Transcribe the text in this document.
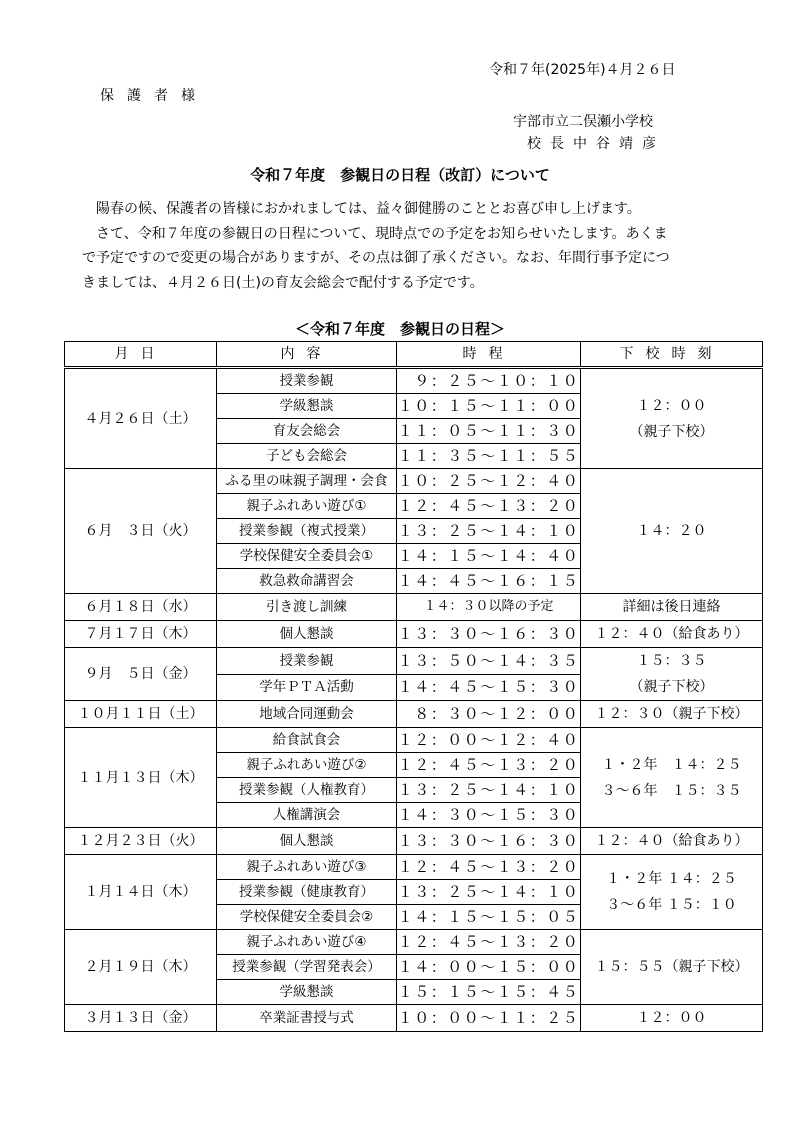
令和７年(2025年)４月２６日
保護者様
宇部市立二俣瀬小学校
校長中谷靖彦
令和７年度　参観日の日程（改訂）について

陽春の候、保護者の皆様におかれましては、益々御健勝のこととお喜び申し上げます。

さて、令和７年度の参観日の日程について、現時点での予定をお知らせいたします。あくま

で予定ですので変更の場合がありますが、その点は御了承ください。なお、年間行事予定につ

きましては、４月２６日(土)の育友会総会で配付する予定です。

＜令和７年度　参観日の日程＞
月日	内容	時程	下校時刻
４月２６日（土）	授業参観	　９：２５～１０：１０	１２：００
（親子下校）

	学級懇談	１０：１５～１１：００	
	育友会総会	１１：０５～１１：３０	
	子ども会総会	１１：３５～１１：５５	
６月　３日（火）	ふる里の味親子調理・会食	１０：２５～１２：４０	１４：２０

	親子ふれあい遊び①	１２：４５～１３：２０	
	授業参観（複式授業）	１３：２５～１４：１０	
	学校保健安全委員会①	１４：１５～１４：４０	
	救急救命講習会	１４：４５～１６：１５	
６月１８日（水）	引き渡し訓練	１４：３０以降の予定	詳細は後日連絡

７月１７日（木）	個人懇談	１３：３０～１６：３０	１２：４０（給食あり）

９月　５日（金）	授業参観	１３：５０～１４：３５	１５：３５
（親子下校）

	学年ＰＴＡ活動	１４：４５～１５：３０	
１０月１１日（土）	地域合同運動会	　８：３０～１２：００	１２：３０（親子下校）

１１月１３日（木）	給食試食会	１２：００～１２：４０	１・２年　１４：２５
３～６年　１５：３５

	親子ふれあい遊び②	１２：４５～１３：２０	
	授業参観（人権教育）	１３：２５～１４：１０	
	人権講演会	１４：３０～１５：３０	
１２月２３日（火）	個人懇談	１３：３０～１６：３０	１２：４０（給食あり）

１月１４日（木）	親子ふれあい遊び③	１２：４５～１３：２０	１・２年 １４：２５
３～６年 １５：１０

	授業参観（健康教育）	１３：２５～１４：１０	
	学校保健安全委員会②	１４：１５～１５：０５	
２月１９日（木）	親子ふれあい遊び④	１２：４５～１３：２０	１５：５５（親子下校）

	授業参観（学習発表会）	１４：００～１５：００	
	学級懇談	１５：１５～１５：４５	
３月１３日（金）	卒業証書授与式	１０：００～１１：２５	１２：００
